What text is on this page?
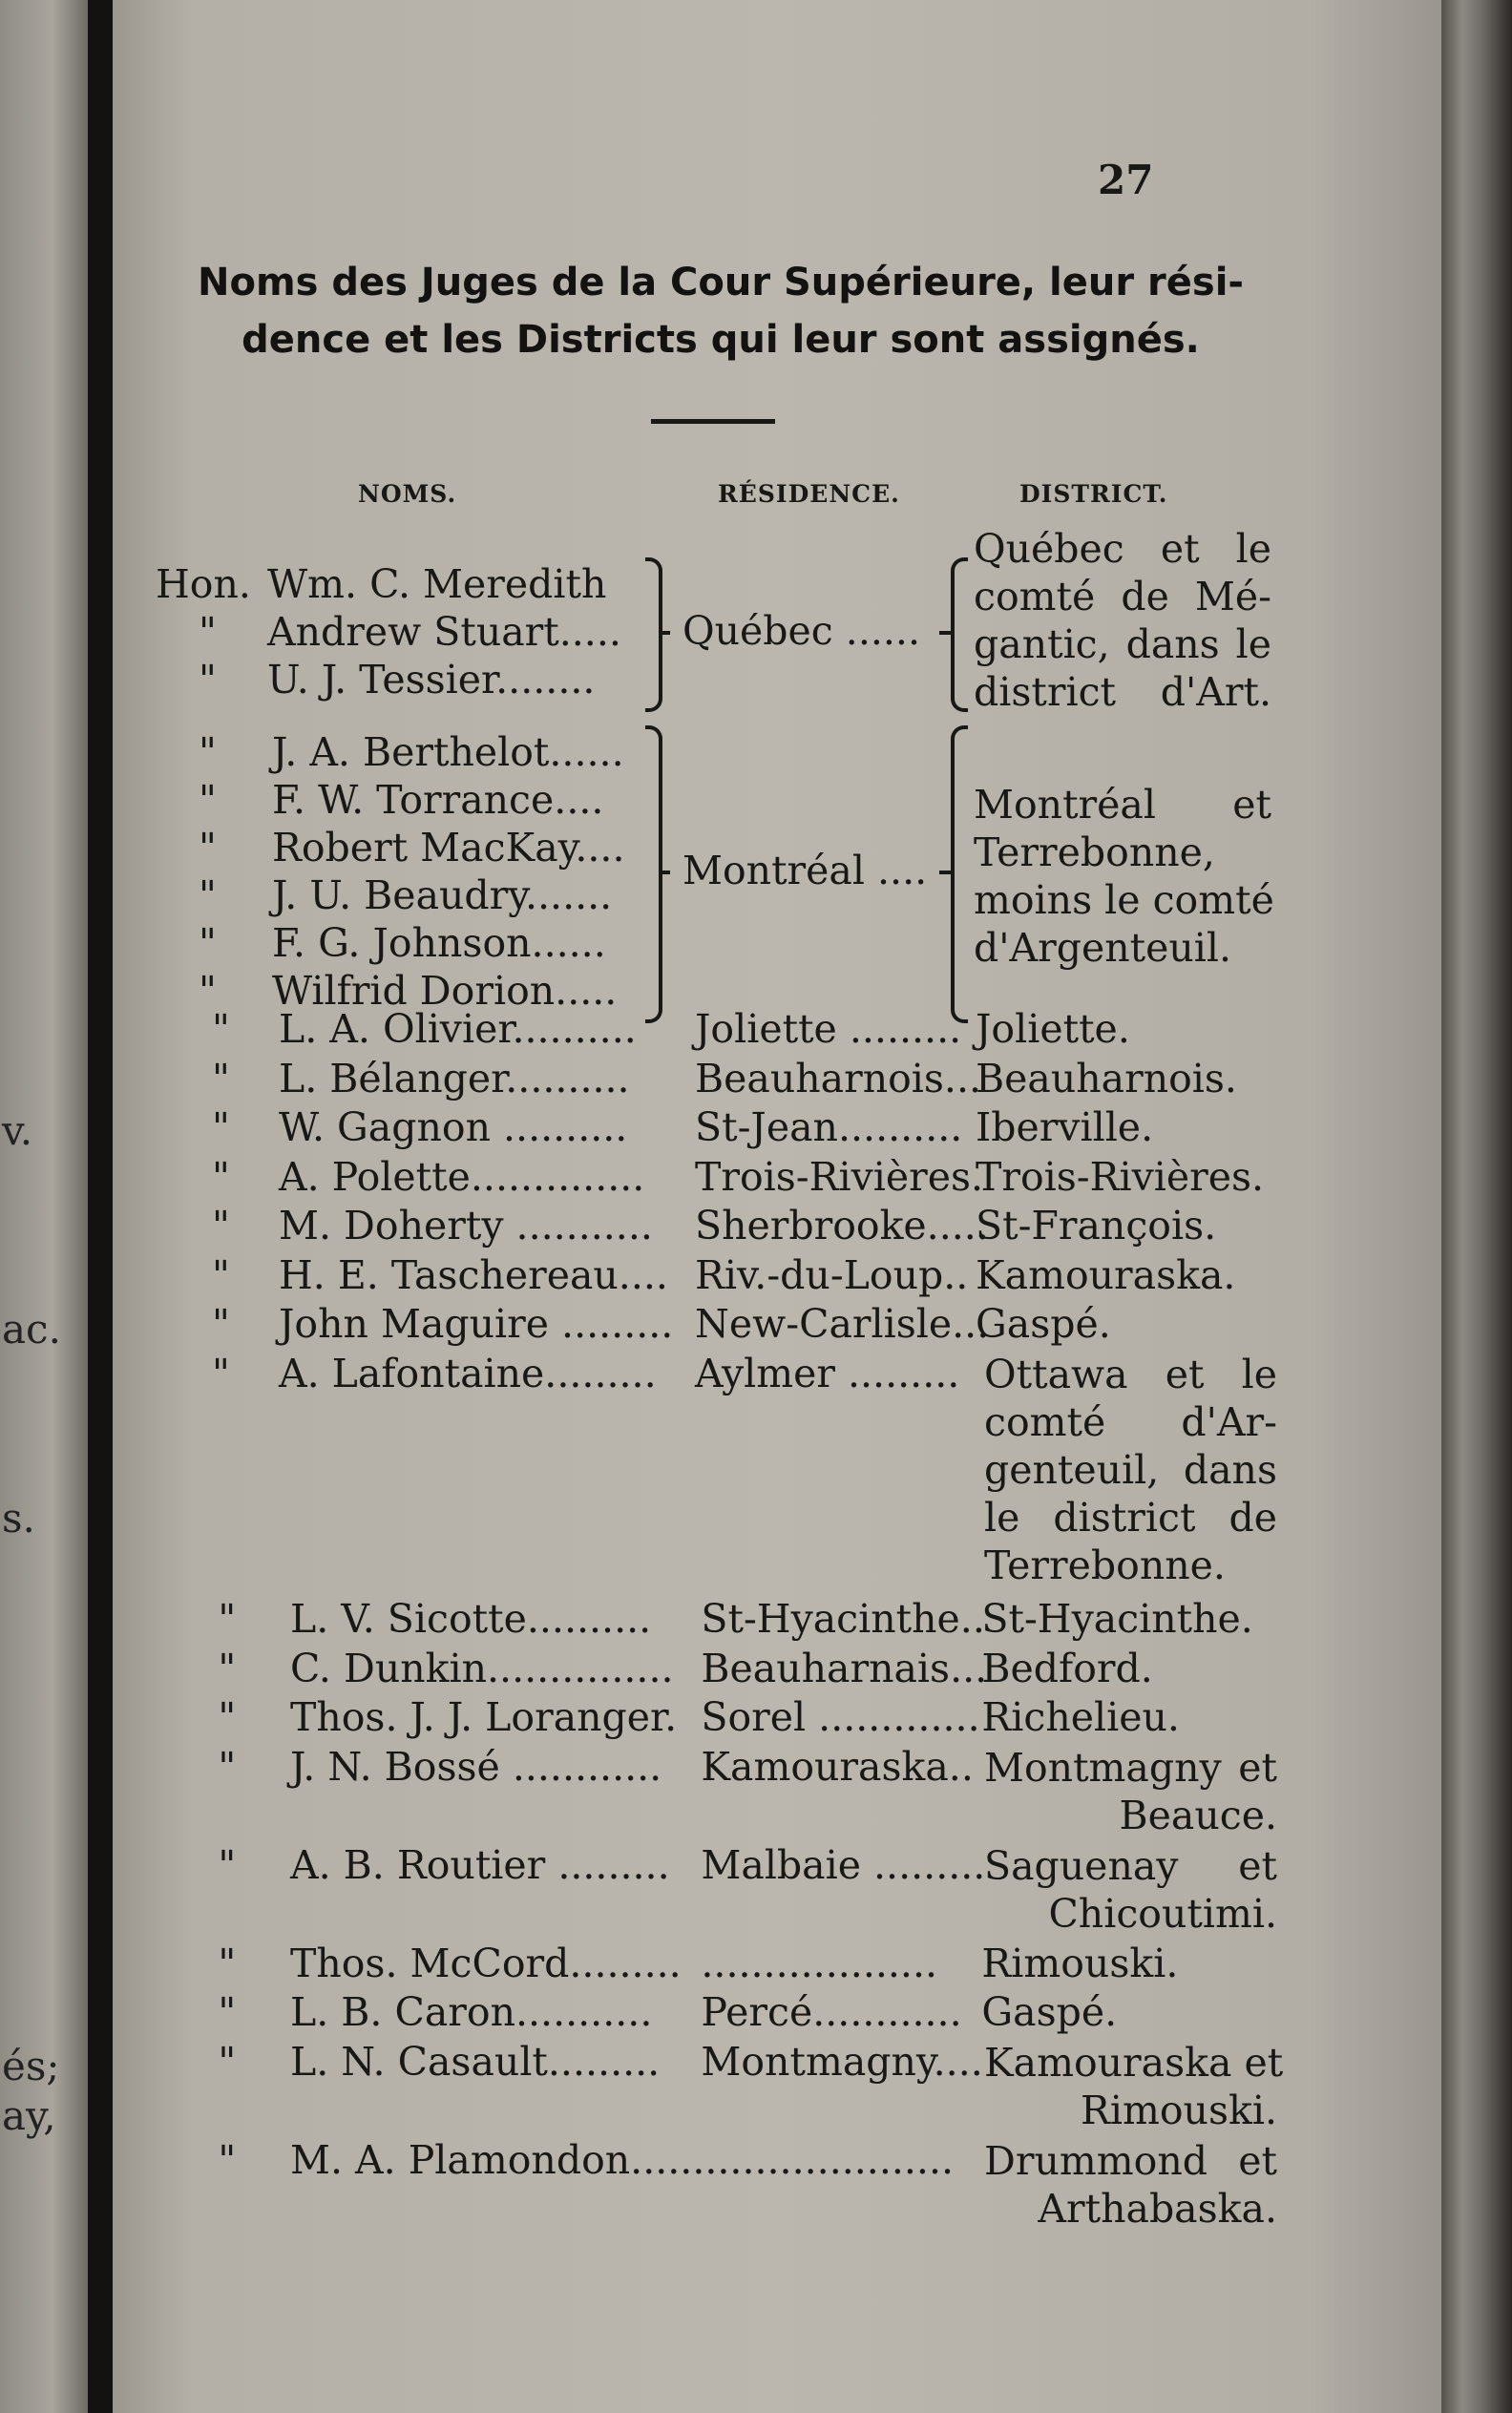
v.
ac.
s.
és;
ay,
27
Noms des Juges de la Cour Supérieure, leur rési-
dence et les Districts qui leur sont assignés.
NOMS.	RÉSIDENCE.	DISTRICT.
Hon. Wm. C. Meredith
" Andrew Stuart.....
" U. J. Tessier........
Québec ......
Québec et le
comté de Mé-
gantic, dans le
district d'Art.
" J. A. Berthelot......
" F. W. Torrance....
" Robert MacKay....
" J. U. Beaudry.......
" F. G. Johnson......
" Wilfrid Dorion.....
Montréal ....
Montréal et
Terrebonne,
moins le comté
d'Argenteuil.
" L. A. Olivier.......... Joliette ......... Joliette.
" L. Bélanger.......... Beauharnois...
Beauharnois.
" W. Gagnon .......... St-Jean.......... Iberville.
" A. Polette.............. Trois-Rivières.
Trois-Rivières.
" M. Doherty ........... Sherbrooke.....
St-François.
" H. E. Taschereau.... Riv.-du-Loup.. Kamouraska.
" John Maguire ......... New-Carlisle...
Gaspé.
" A. Lafontaine......... Aylmer ......... Ottawa et le
comté d'Ar-
genteuil, dans
le district de
Terrebonne.
" L. V. Sicotte.......... St-Hyacinthe..
St-Hyacinthe.
" C. Dunkin............... Beauharnais...
Bedford.
" Thos. J. J. Loranger. Sorel ............. Richelieu.
" J. N. Bossé ............ Kamouraska.. Montmagny et
Beauce.
" A. B. Routier ......... Malbaie .........
Saguenay et
Chicoutimi.
" Thos. McCord......... ................... Rimouski.
" L. B. Caron........... Percé............ Gaspé.
" L. N. Casault......... Montmagny.... Kamouraska et
Rimouski.
" M. A. Plamondon.......................... Drummond et
Arthabaska.
